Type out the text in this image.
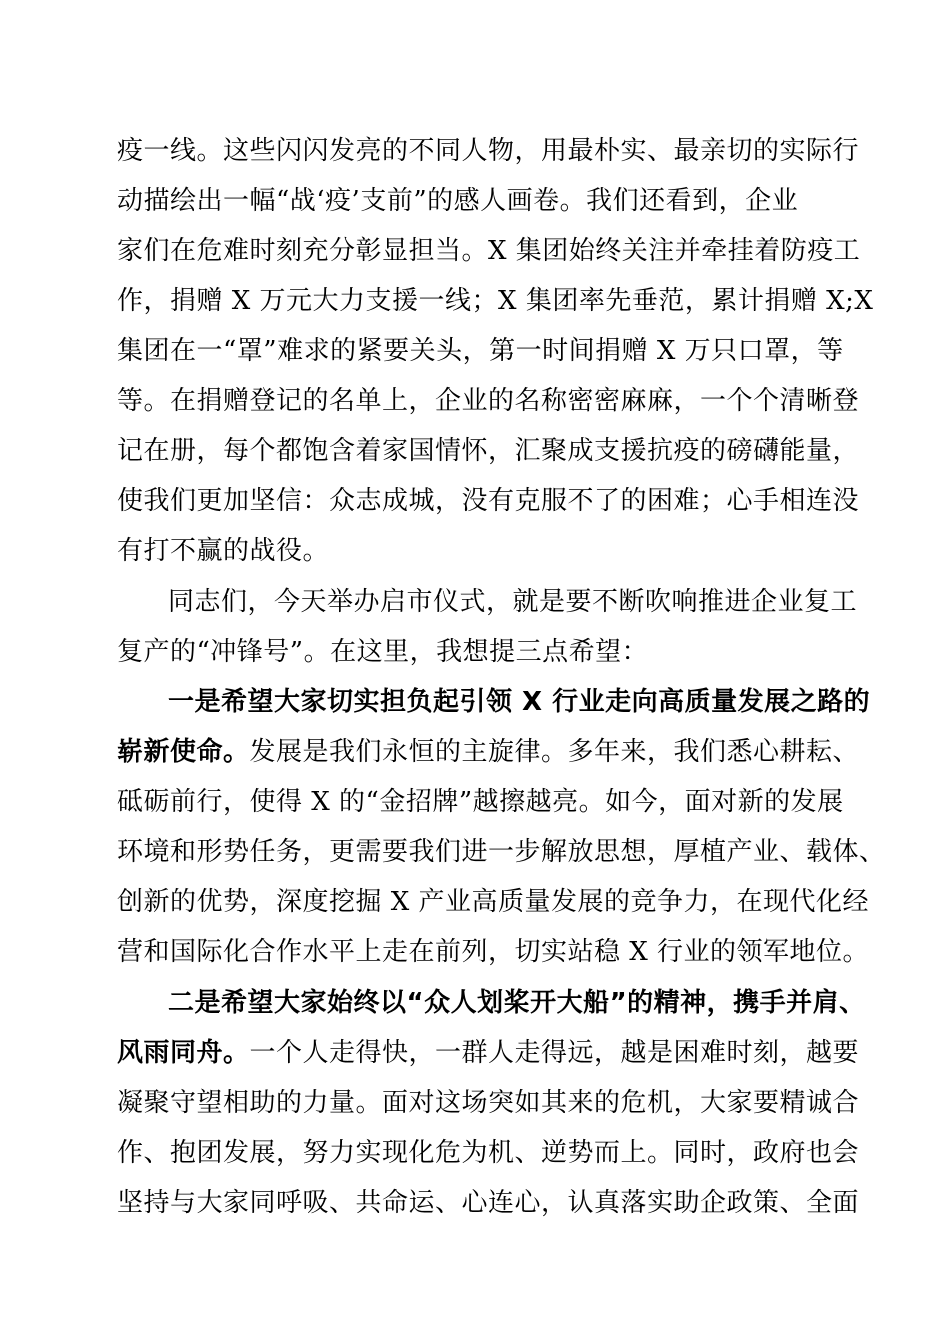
疫一线。这些闪闪发亮的不同人物，用最朴实、最亲切的实际行
动描绘出一幅“战‘疫’支前”的感人画卷。我们还看到，企业
家们在危难时刻充分彰显担当。X 集团始终关注并牵挂着防疫工
作，捐赠 X 万元大力支援一线；X 集团率先垂范，累计捐赠 X;X
集团在一“罩”难求的紧要关头，第一时间捐赠 X 万只口罩，等
等。在捐赠登记的名单上，企业的名称密密麻麻，一个个清晰登
记在册，每个都饱含着家国情怀，汇聚成支援抗疫的磅礴能量，
使我们更加坚信：众志成城，没有克服不了的困难；心手相连没
有打不赢的战役。
同志们，今天举办启市仪式，就是要不断吹响推进企业复工
复产的“冲锋号”。在这里，我想提三点希望：
一是希望大家切实担负起引领 X 行业走向高质量发展之路的
崭新使命。发展是我们永恒的主旋律。多年来，我们悉心耕耘、
砥砺前行，使得 X 的“金招牌”越擦越亮。如今，面对新的发展
环境和形势任务，更需要我们进一步解放思想，厚植产业、载体、
创新的优势，深度挖掘 X 产业高质量发展的竞争力，在现代化经
营和国际化合作水平上走在前列，切实站稳 X 行业的领军地位。
二是希望大家始终以“众人划桨开大船”的精神，携手并肩、
风雨同舟。一个人走得快，一群人走得远，越是困难时刻，越要
凝聚守望相助的力量。面对这场突如其来的危机，大家要精诚合
作、抱团发展，努力实现化危为机、逆势而上。同时，政府也会
坚持与大家同呼吸、共命运、心连心，认真落实助企政策、全面
